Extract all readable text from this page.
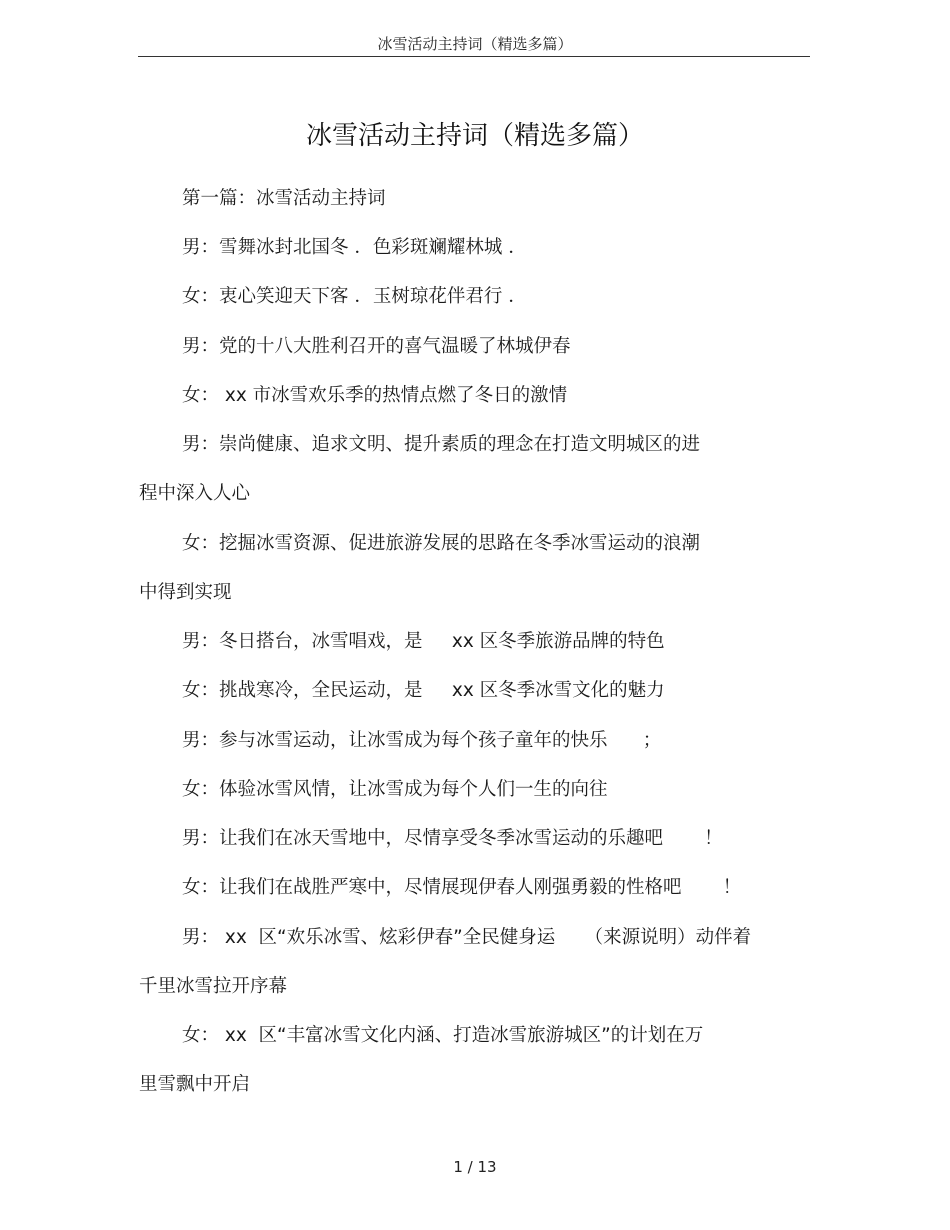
冰雪活动主持词（精选多篇）
冰雪活动主持词（精选多篇）
第一篇：冰雪活动主持词
男：雪舞冰封北国冬 ．色彩斑斓耀林城 ．
女：衷心笑迎天下客 ．玉树琼花伴君行 ．
男：党的十八大胜利召开的喜气温暖了林城伊春
女： xx 市冰雪欢乐季的热情点燃了冬日的激情
男：崇尚健康、追求文明、提升素质的理念在打造文明城区的进
程中深入人心
女：挖掘冰雪资源、促进旅游发展的思路在冬季冰雪运动的浪潮
中得到实现
男：冬日搭台，冰雪唱戏，是     xx 区冬季旅游品牌的特色
女：挑战寒冷，全民运动，是     xx 区冬季冰雪文化的魅力
男：参与冰雪运动，让冰雪成为每个孩子童年的快乐      ；
女：体验冰雪风情，让冰雪成为每个人们一生的向往
男：让我们在冰天雪地中，尽情享受冬季冰雪运动的乐趣吧       ！
女：让我们在战胜严寒中，尽情展现伊春人刚强勇毅的性格吧       ！
男： xx  区“欢乐冰雪、炫彩伊春”全民健身运     （来源说明）动伴着
千里冰雪拉开序幕
女： xx  区“丰富冰雪文化内涵、打造冰雪旅游城区”的计划在万
里雪飘中开启
1 / 13
